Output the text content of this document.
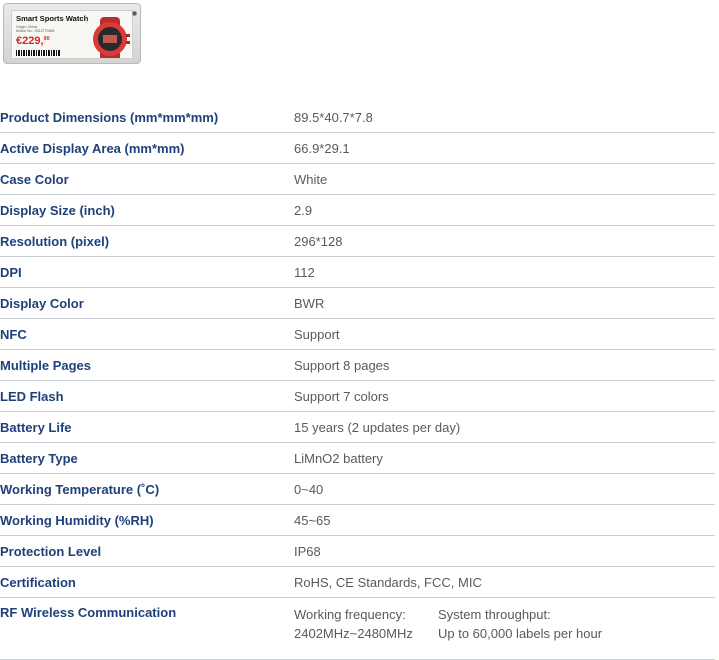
Smart Sports Watch
Origin: China
Article No.: 0012770464
€229,90
Product Dimensions (mm*mm*mm)	89.5*40.7*7.8
Active Display Area (mm*mm)	66.9*29.1
Case Color	White
Display Size (inch)	2.9
Resolution (pixel)	296*128
DPI	112
Display Color	BWR
NFC	Support
Multiple Pages	Support 8 pages
LED Flash	Support 7 colors
Battery Life	15 years (2 updates per day)
Battery Type	LiMnO2 battery
Working Temperature (˚C)	0~40
Working Humidity (%RH)	45~65
Protection Level	IP68
Certification	RoHS, CE Standards, FCC, MIC
RF Wireless Communication	Working frequency:
2402MHz~2480MHz
System throughput:
Up to 60,000 labels per hour
